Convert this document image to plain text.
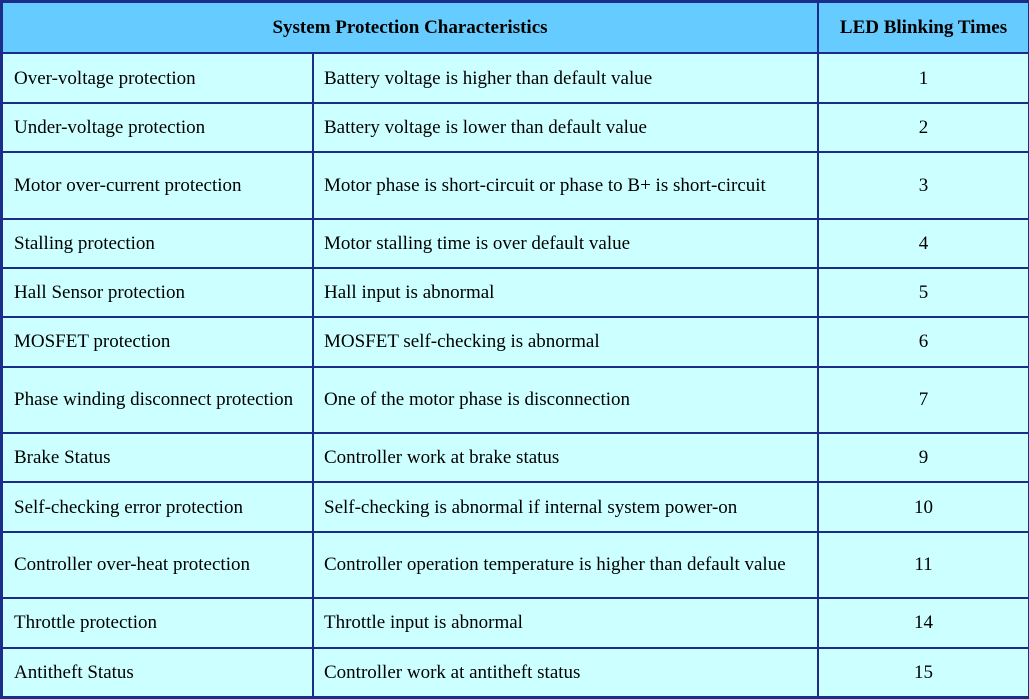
System Protection Characteristics		LED Blinking Times
Over-voltage protection	Battery voltage is higher than default value	1
Under-voltage protection	Battery voltage is lower than default value	2
Motor over-current protection	Motor phase is short-circuit or phase to B+ is short-circuit	3
Stalling protection	Motor stalling time is over default value	4
Hall Sensor protection	Hall input is abnormal	5
MOSFET protection	MOSFET self-checking is abnormal	6
Phase winding disconnect protection	One of the motor phase is disconnection	7
Brake Status	Controller work at brake status	9
Self-checking error protection	Self-checking is abnormal if internal system power-on	10
Controller over-heat protection	Controller operation temperature is higher than default value	11
Throttle protection	Throttle input is abnormal	14
Antitheft Status	Controller work at antitheft status	15
